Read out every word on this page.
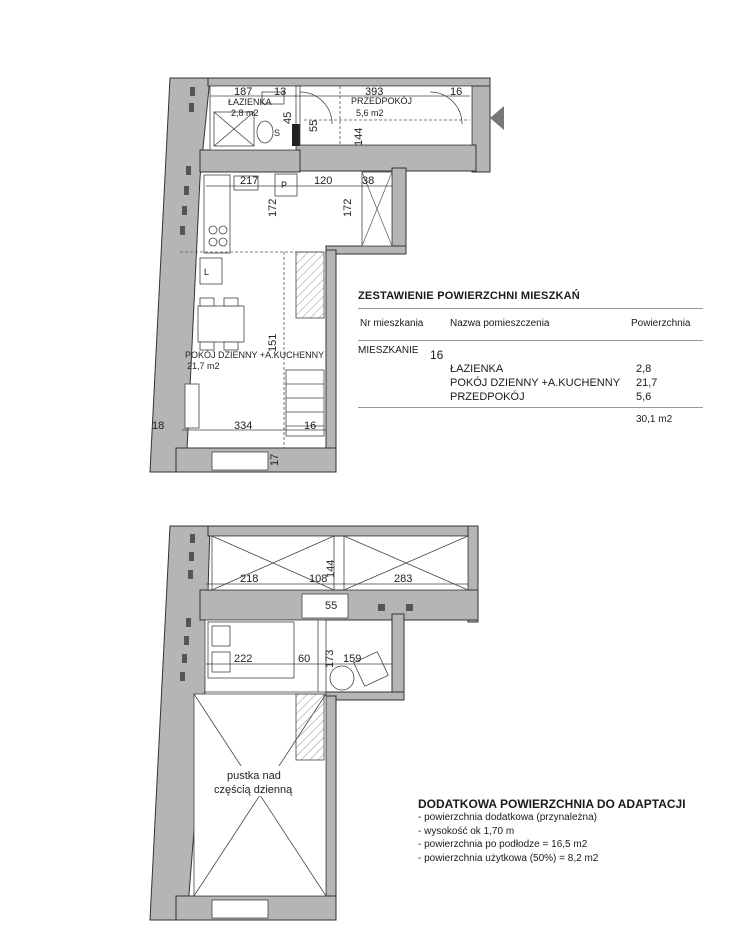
ŁAZIENKA
2,8 m2
PRZEDPOKÓJ
5,6 m2
POKÓJ DZIENNY +A.KUCHENNY
21,7 m2
P
L
S
187 13	393	16
45
55
144
217	120	38
172	172
151
18	334	16
17
218	108
144
283
55
222	60 173 159
pustka nad
częścią dzienną
ZESTAWIENIE POWIERZCHNI MIESZKAŃ
Nr mieszkania	Nazwa pomieszczenia	Powierzchnia
MIESZKANIE 16
ŁAZIENKA	2,8
POKÓJ DZIENNY +A.KUCHENNY 21,7
PRZEDPOKÓJ	5,6
30,1 m2
DODATKOWA POWIERZCHNIA DO ADAPTACJI
- powierzchnia dodatkowa (przynależna)
- wysokość ok 1,70 m
- powierzchnia po podłodze = 16,5 m2
- powierzchnia użytkowa (50%) = 8,2 m2
